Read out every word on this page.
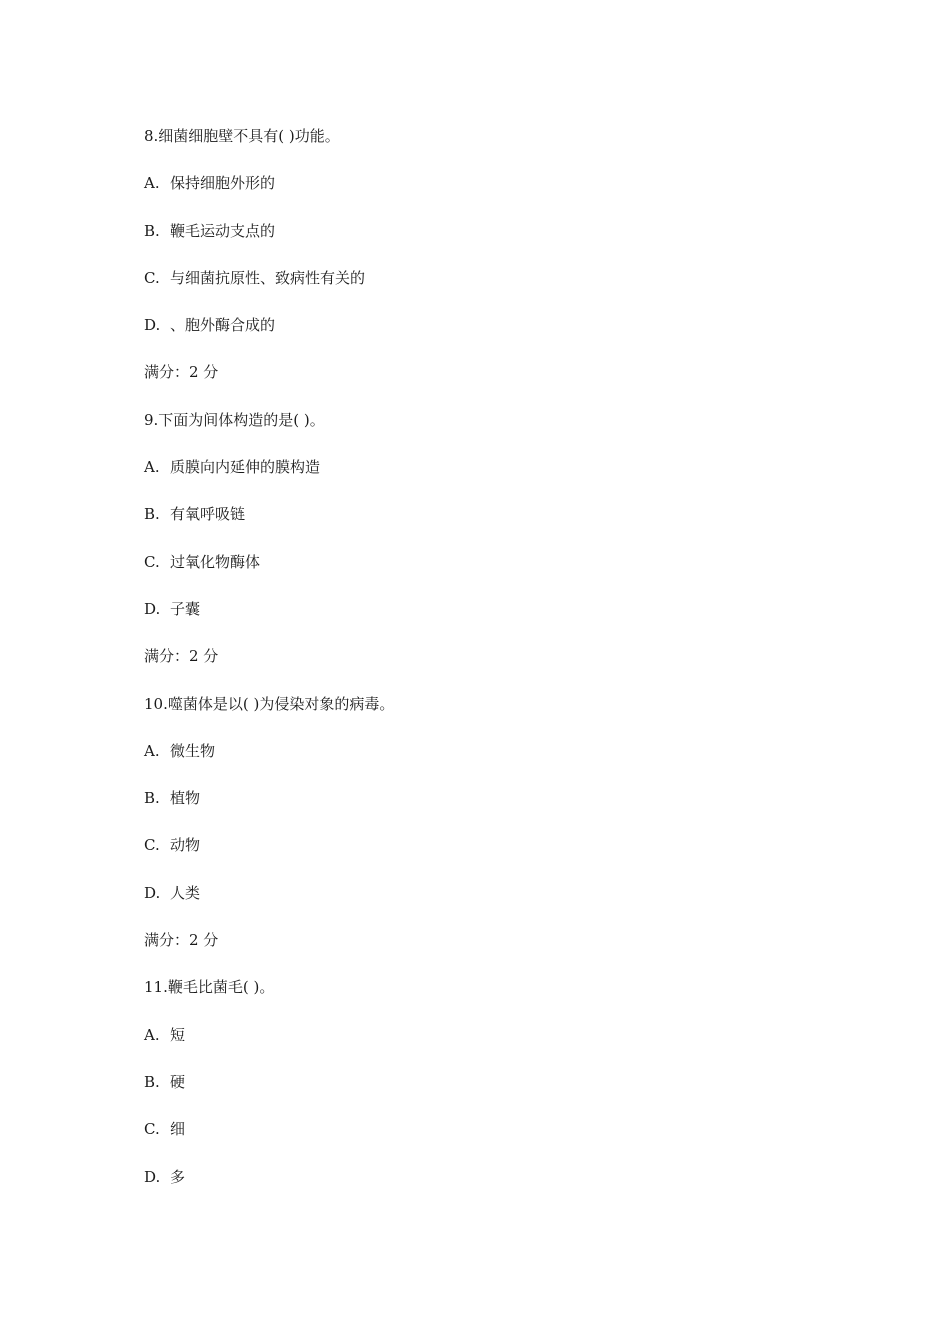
8.细菌细胞壁不具有( )功能。
A. 保持细胞外形的
B. 鞭毛运动支点的
C. 与细菌抗原性、致病性有关的
D. 、胞外酶合成的
满分：2 分
9.下面为间体构造的是( )。
A. 质膜向内延伸的膜构造
B. 有氧呼吸链
C. 过氧化物酶体
D. 子囊
满分：2 分
10.噬菌体是以( )为侵染对象的病毒。
A. 微生物
B. 植物
C. 动物
D. 人类
满分：2 分
11.鞭毛比菌毛( )。
A. 短
B. 硬
C. 细
D. 多
